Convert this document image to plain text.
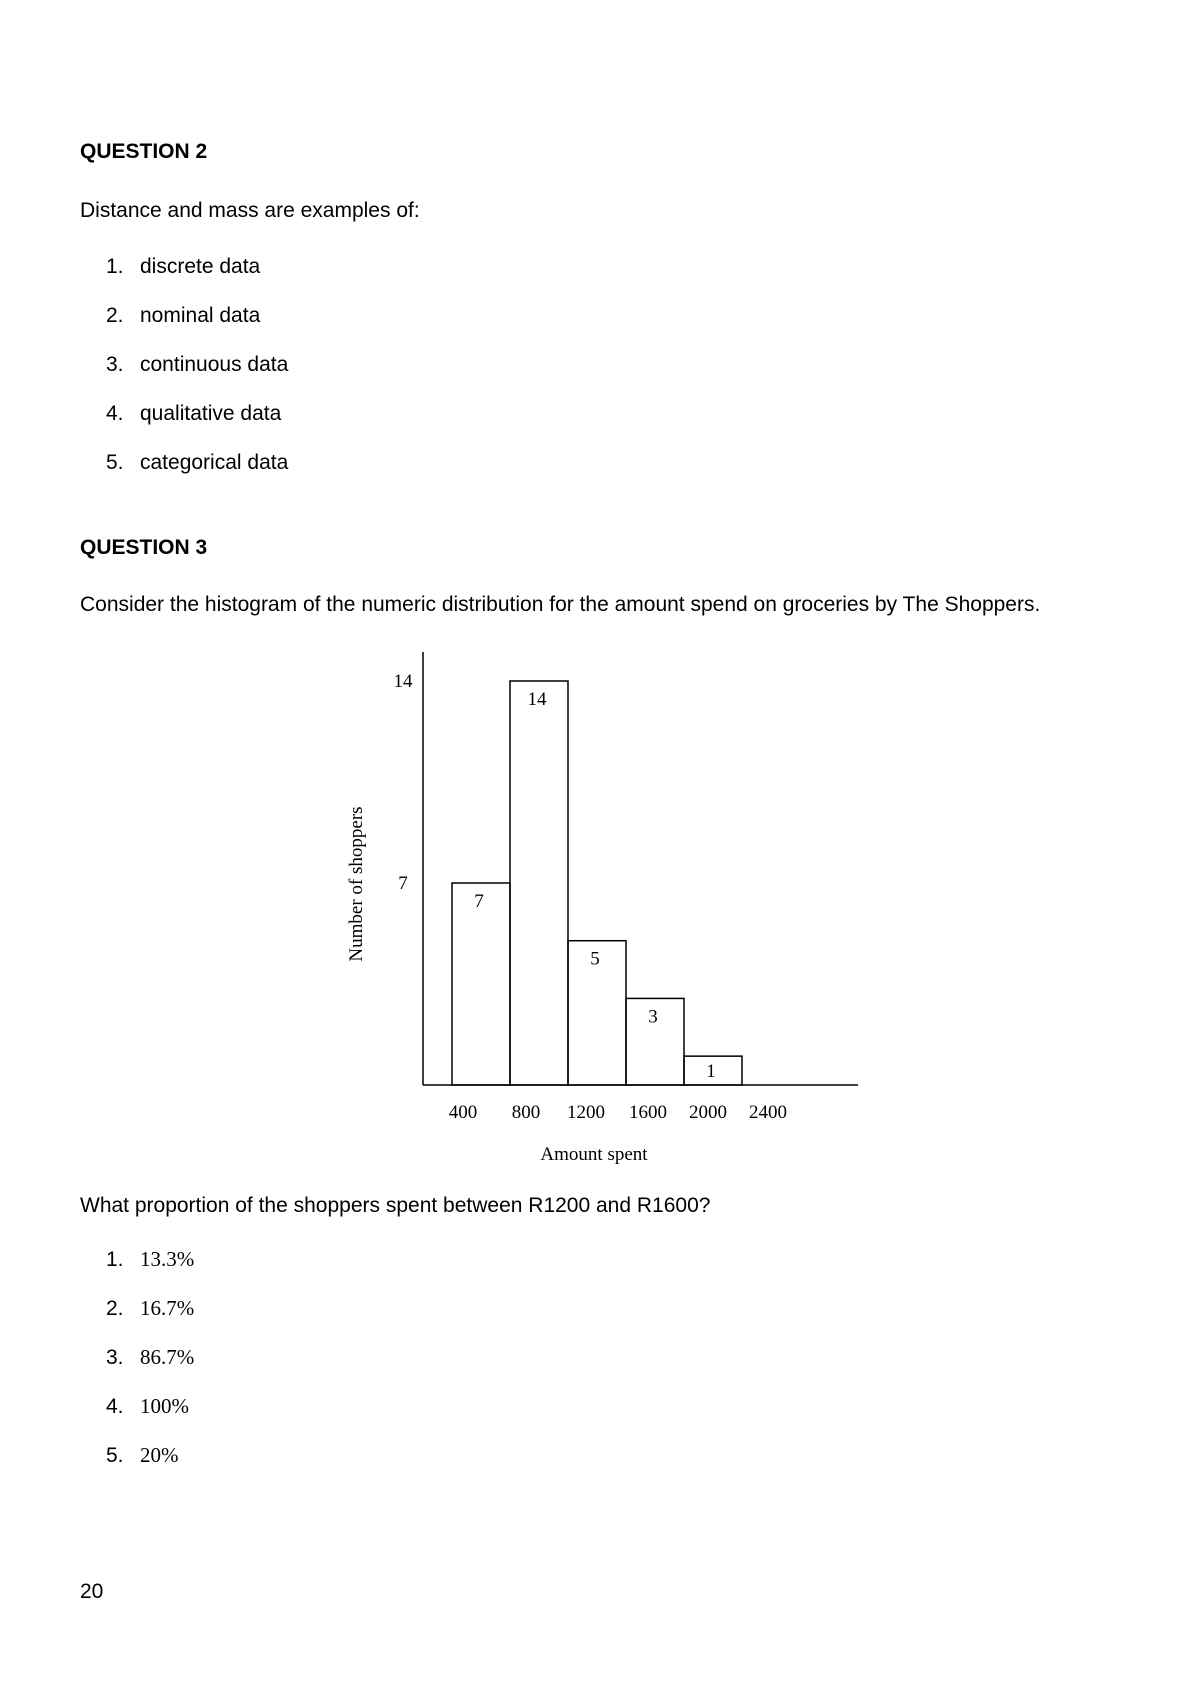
QUESTION 2
Distance and mass are examples of:
1. discrete data
2. nominal data
3. continuous data
4. qualitative data
5. categorical data
QUESTION 3
Consider the histogram of the numeric distribution for the amount spend on groceries by The Shoppers.
7
14
5
3
1
7
14
400 800 1200 1600 2000 2400
Amount spent
Number of shoppers
What proportion of the shoppers spent between R1200 and R1600?
1. 13.3%
2. 16.7%
3. 86.7%
4. 100%
5. 20%
20
